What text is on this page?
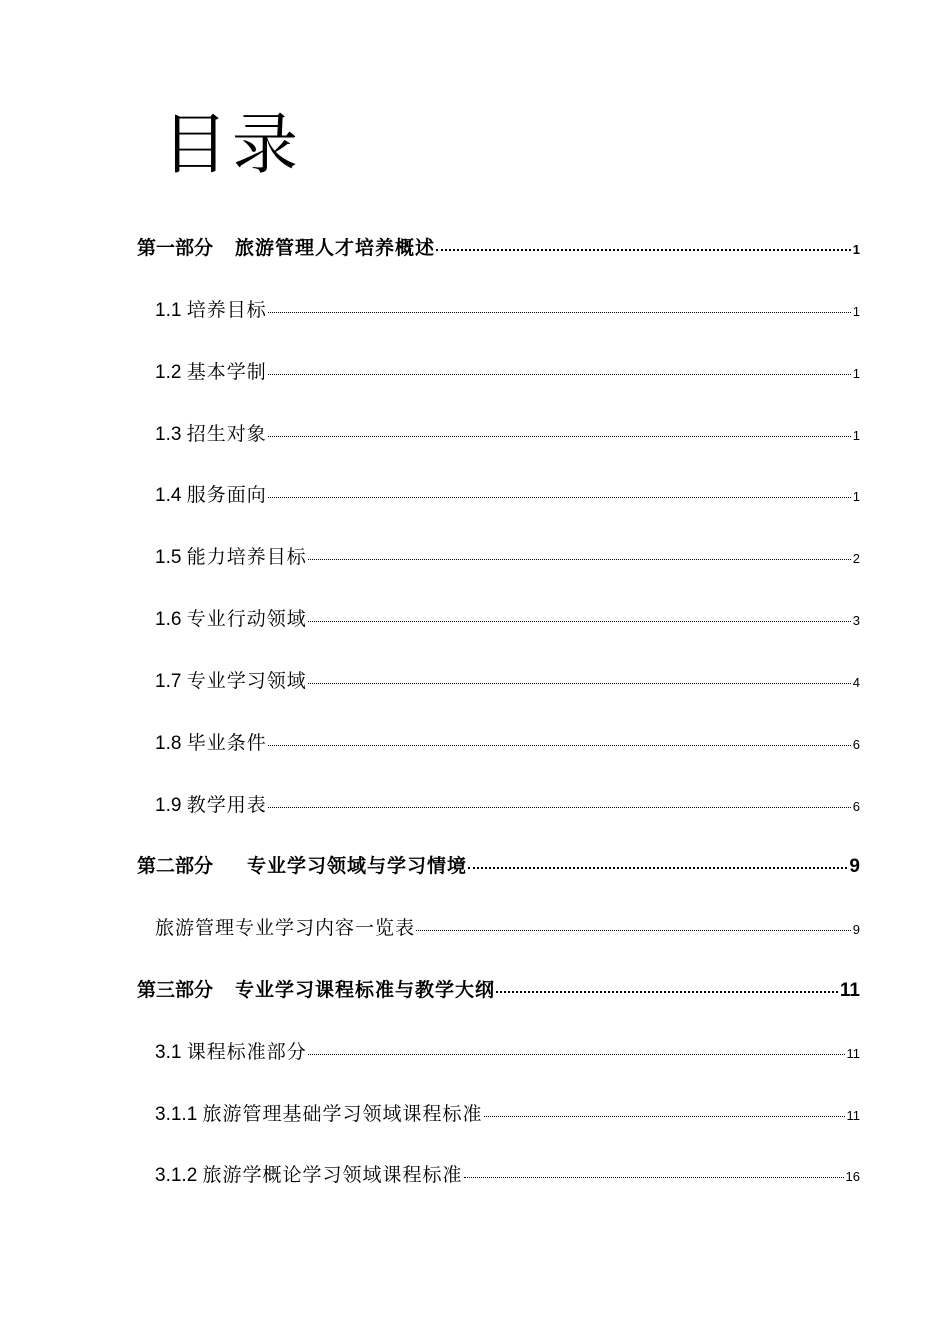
目录
第一部分 旅游管理人才培养概述	1
1.1 培养目标	1
1.2 基本学制	1
1.3 招生对象	1
1.4 服务面向	1
1.5 能力培养目标	2
1.6 专业行动领域	3
1.7 专业学习领域	4
1.8 毕业条件	6
1.9 教学用表	6
第二部分 专业学习领域与学习情境	9
旅游管理专业学习内容一览表	9
第三部分 专业学习课程标准与教学大纲	11
3.1 课程标准部分	11
3.1.1 旅游管理基础学习领域课程标准	11
3.1.2 旅游学概论学习领域课程标准	16
